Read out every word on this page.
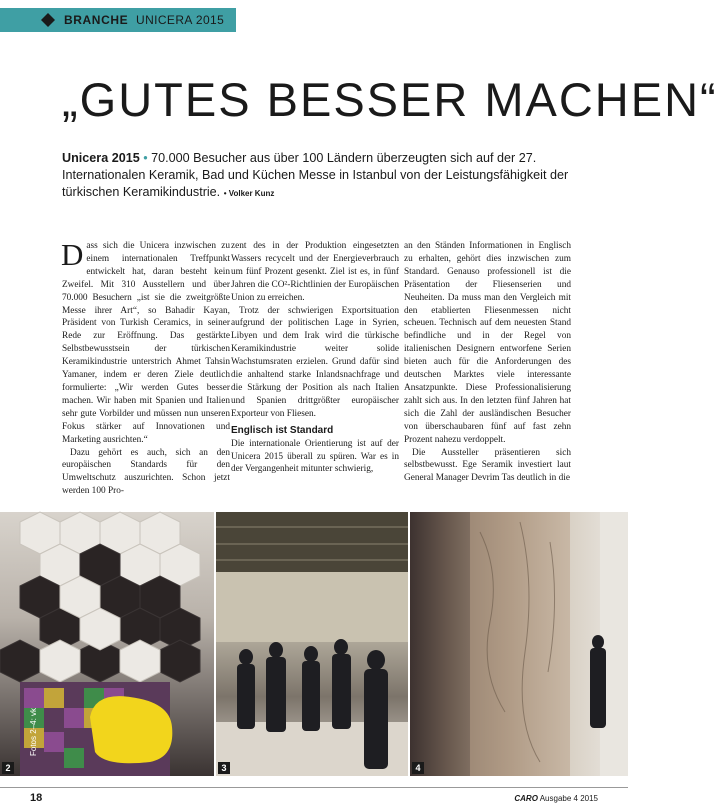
BRANCHE UNICERA 2015
„GUTES BESSER MACHEN“
Unicera 2015 • 70.000 Besucher aus über 100 Ländern überzeugten sich auf der 27. Internationalen Keramik, Bad und Küchen Messe in Istanbul von der Leistungsfähigkeit der türkischen Keramikindustrie. • Volker Kunz

Dass sich die Unicera inzwischen zu einem internationalen Treffpunkt entwickelt hat, daran besteht kein Zweifel. Mit 310 Ausstellern und über 70.000 Besuchern „ist sie die zweitgrößte Messe ihrer Art“, so Bahadir Kayan, Präsident von Turkish Ceramics, in seiner Rede zur Eröffnung. Das gestärkte Selbstbewusstsein der türkischen Keramikindustrie unterstrich Ahmet Tahsin Yamaner, indem er deren Ziele deutlich formulierte: „Wir werden Gutes besser machen. Wir haben mit Spanien und Italien sehr gute Vorbilder und müssen nun unseren Fokus stärker auf Innovationen und Marketing ausrichten.“

Dazu gehört es auch, sich an den europäischen Standards für den Umweltschutz auszurichten. Schon jetzt werden 100 Pro-

zent des in der Produktion eingesetzten Wassers recycelt und der Energieverbrauch um fünf Prozent gesenkt. Ziel ist es, in fünf Jahren die CO²-Richtlinien der Europäischen Union zu erreichen.

Trotz der schwierigen Exportsituation aufgrund der politischen Lage in Syrien, Libyen und dem Irak wird die türkische Keramikindustrie weiter solide Wachstumsraten erzielen. Grund dafür sind die anhaltend starke Inlandsnachfrage und die Stärkung der Position als nach Italien und Spanien drittgrößter europäischer Exporteur von Fliesen.

Englisch ist Standard

Die internationale Orientierung ist auf der Unicera 2015 überall zu spüren. War es in der Vergangenheit mitunter schwierig,

an den Ständen Informationen in Englisch zu erhalten, gehört dies inzwischen zum Standard. Genauso professionell ist die Präsentation der Fliesenserien und Neuheiten. Da muss man den Vergleich mit den etablierten Fliesenmessen nicht scheuen. Technisch auf dem neuesten Stand befindliche und in der Regel von italienischen Designern entworfene Serien bieten auch für die Anforderungen des deutschen Marktes viele interessante Ansatzpunkte. Diese Professionalisierung zahlt sich aus. In den letzten fünf Jahren hat sich die Zahl der ausländischen Besucher von überschaubaren fünf auf fast zehn Prozent nahezu verdoppelt.

Die Aussteller präsentieren sich selbstbewusst. Ege Seramik investiert laut General Manager Devrim Tas deutlich in die

Fotos 2–4: vk
2	3	4
18	CARO Ausgabe 4 2015
